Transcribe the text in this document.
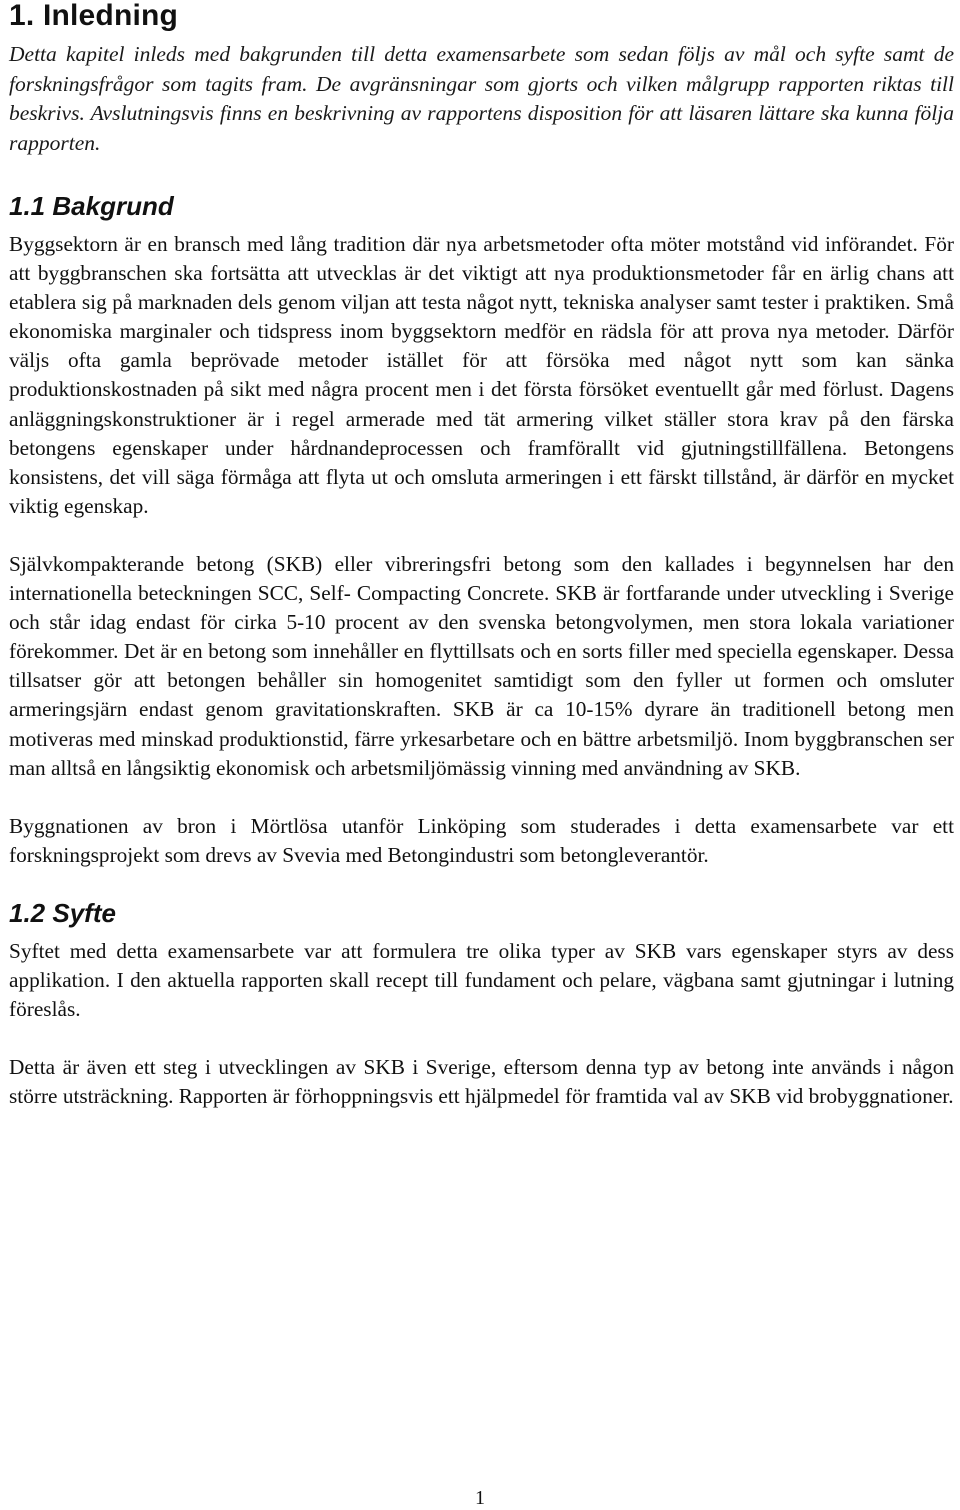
1. Inledning

Detta kapitel inleds med bakgrunden till detta examensarbete som sedan följs av mål och syfte samt de forskningsfrågor som tagits fram. De avgränsningar som gjorts och vilken målgrupp rapporten riktas till beskrivs. Avslutningsvis finns en beskrivning av rapportens disposition för att läsaren lättare ska kunna följa rapporten.

1.1 Bakgrund

Byggsektorn är en bransch med lång tradition där nya arbetsmetoder ofta möter motstånd vid införandet. För att byggbranschen ska fortsätta att utvecklas är det viktigt att nya produktionsmetoder får en ärlig chans att etablera sig på marknaden dels genom viljan att testa något nytt, tekniska analyser samt tester i praktiken. Små ekonomiska marginaler och tidspress inom byggsektorn medför en rädsla för att prova nya metoder. Därför väljs ofta gamla beprövade metoder istället för att försöka med något nytt som kan sänka produktionskostnaden på sikt med några procent men i det första försöket eventuellt går med förlust. Dagens anläggningskonstruktioner är i regel armerade med tät armering vilket ställer stora krav på den färska betongens egenskaper under hårdnandeprocessen och framförallt vid gjutningstillfällena. Betongens konsistens, det vill säga förmåga att flyta ut och omsluta armeringen i ett färskt tillstånd, är därför en mycket viktig egenskap.

Självkompakterande betong (SKB) eller vibreringsfri betong som den kallades i begynnelsen har den internationella beteckningen SCC, Self- Compacting Concrete. SKB är fortfarande under utveckling i Sverige och står idag endast för cirka 5-10 procent av den svenska betongvolymen, men stora lokala variationer förekommer. Det är en betong som innehåller en flyttillsats och en sorts filler med speciella egenskaper. Dessa tillsatser gör att betongen behåller sin homogenitet samtidigt som den fyller ut formen och omsluter armeringsjärn endast genom gravitationskraften. SKB är ca 10-15% dyrare än traditionell betong men motiveras med minskad produktionstid, färre yrkesarbetare och en bättre arbetsmiljö. Inom byggbranschen ser man alltså en långsiktig ekonomisk och arbetsmiljömässig vinning med användning av SKB.

Byggnationen av bron i Mörtlösa utanför Linköping som studerades i detta examensarbete var ett forskningsprojekt som drevs av Svevia med Betongindustri som betongleverantör.

1.2 Syfte

Syftet med detta examensarbete var att formulera tre olika typer av SKB vars egenskaper styrs av dess applikation. I den aktuella rapporten skall recept till fundament och pelare, vägbana samt gjutningar i lutning föreslås.

Detta är även ett steg i utvecklingen av SKB i Sverige, eftersom denna typ av betong inte används i någon större utsträckning. Rapporten är förhoppningsvis ett hjälpmedel för framtida val av SKB vid brobyggnationer.

1
